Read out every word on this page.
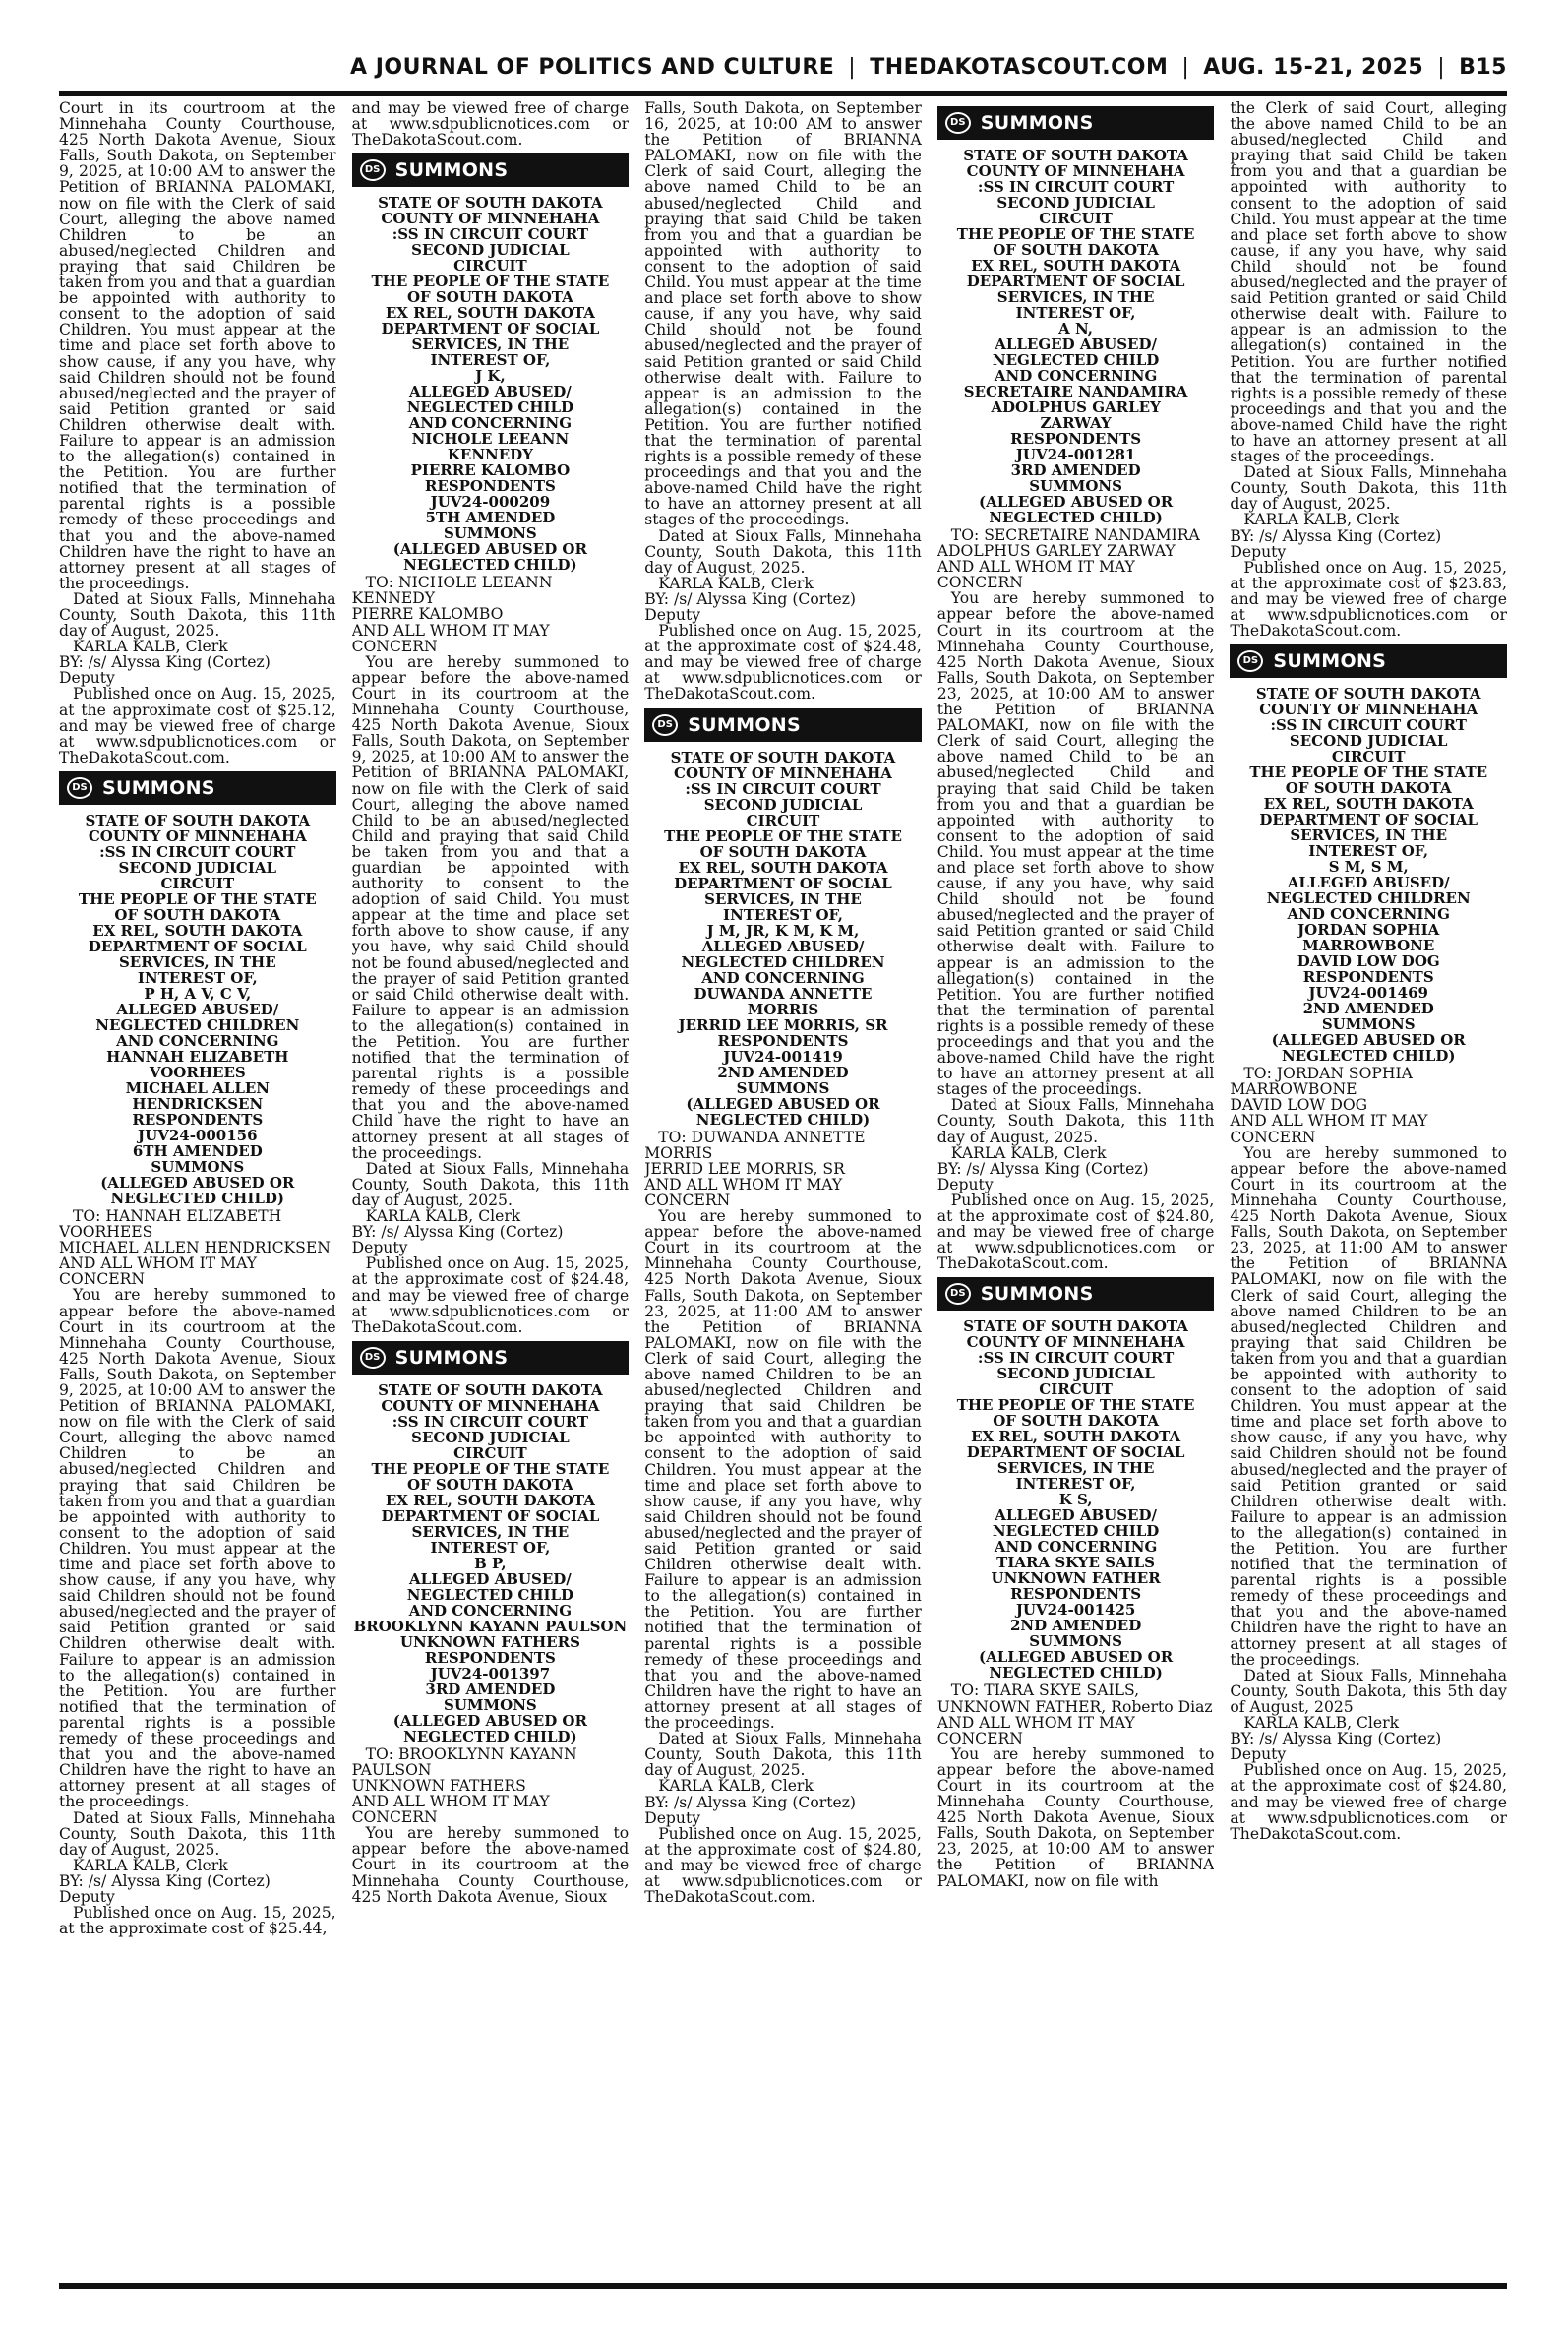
A JOURNAL OF POLITICS AND CULTURE | THEDAKOTASCOUT.COM | AUG. 15-21, 2025 | B15

Court in its courtroom at the Minnehaha County Courthouse, 425 North Dakota Avenue, Sioux Falls, South Dakota, on September 9, 2025, at 10:00 AM to answer the Petition of BRIANNA PALOMAKI, now on file with the Clerk of said Court, alleging the above named Children to be an abused/neglected Children and praying that said Children be taken from you and that a guardian be appointed with authority to consent to the adoption of said Children. You must appear at the time and place set forth above to show cause, if any you have, why said Children should not be found abused/neglected and the prayer of said Petition granted or said Children otherwise dealt with. Failure to appear is an admission to the allegation(s) contained in the Petition. You are further notified that the termination of parental rights is a possible remedy of these proceedings and that you and the above-named Children have the right to have an attorney present at all stages of the proceedings.

Dated at Sioux Falls, Minnehaha County, South Dakota, this 11th day of August, 2025.

KARLA KALB, Clerk
BY: /s/ Alyssa King (Cortez)
Deputy

Published once on Aug. 15, 2025, at the approximate cost of $25.12, and may be viewed free of charge at www.sdpublicnotices.com or TheDakotaScout.com.

DS SUMMONS
STATE OF SOUTH DAKOTA
COUNTY OF MINNEHAHA
:SS IN CIRCUIT COURT
SECOND JUDICIAL
CIRCUIT
THE PEOPLE OF THE STATE
OF SOUTH DAKOTA
EX REL, SOUTH DAKOTA
DEPARTMENT OF SOCIAL
SERVICES, IN THE
INTEREST OF,
P H, A V, C V,
ALLEGED ABUSED/
NEGLECTED CHILDREN
AND CONCERNING
HANNAH ELIZABETH VOORHEES
MICHAEL ALLEN
HENDRICKSEN
RESPONDENTS
JUV24-000156
6TH AMENDED
SUMMONS
(ALLEGED ABUSED OR
NEGLECTED CHILD)

TO: HANNAH ELIZABETH VOORHEES
MICHAEL ALLEN HENDRICKSEN
AND ALL WHOM IT MAY CONCERN

You are hereby summoned to appear before the above-named Court in its courtroom at the Minnehaha County Courthouse, 425 North Dakota Avenue, Sioux Falls, South Dakota, on September 9, 2025, at 10:00 AM to answer the Petition of BRIANNA PALOMAKI, now on file with the Clerk of said Court, alleging the above named Children to be an abused/neglected Children and praying that said Children be taken from you and that a guardian be appointed with authority to consent to the adoption of said Children. You must appear at the time and place set forth above to show cause, if any you have, why said Children should not be found abused/neglected and the prayer of said Petition granted or said Children otherwise dealt with. Failure to appear is an admission to the allegation(s) contained in the Petition. You are further notified that the termination of parental rights is a possible remedy of these proceedings and that you and the above-named Children have the right to have an attorney present at all stages of the proceedings.

Dated at Sioux Falls, Minnehaha County, South Dakota, this 11th day of August, 2025.

KARLA KALB, Clerk
BY: /s/ Alyssa King (Cortez)
Deputy

Published once on Aug. 15, 2025, at the approximate cost of $25.44,

and may be viewed free of charge at www.sdpublicnotices.com or TheDakotaScout.com.

DS SUMMONS
STATE OF SOUTH DAKOTA
COUNTY OF MINNEHAHA
:SS IN CIRCUIT COURT
SECOND JUDICIAL
CIRCUIT
THE PEOPLE OF THE STATE
OF SOUTH DAKOTA
EX REL, SOUTH DAKOTA
DEPARTMENT OF SOCIAL
SERVICES, IN THE
INTEREST OF,
J K,
ALLEGED ABUSED/
NEGLECTED CHILD
AND CONCERNING
NICHOLE LEEANN
KENNEDY
PIERRE KALOMBO
RESPONDENTS
JUV24-000209
5TH AMENDED
SUMMONS
(ALLEGED ABUSED OR
NEGLECTED CHILD)

TO: NICHOLE LEEANN KENNEDY
PIERRE KALOMBO
AND ALL WHOM IT MAY CONCERN

You are hereby summoned to appear before the above-named Court in its courtroom at the Minnehaha County Courthouse, 425 North Dakota Avenue, Sioux Falls, South Dakota, on September 9, 2025, at 10:00 AM to answer the Petition of BRIANNA PALOMAKI, now on file with the Clerk of said Court, alleging the above named Child to be an abused/neglected Child and praying that said Child be taken from you and that a guardian be appointed with authority to consent to the adoption of said Child. You must appear at the time and place set forth above to show cause, if any you have, why said Child should not be found abused/neglected and the prayer of said Petition granted or said Child otherwise dealt with. Failure to appear is an admission to the allegation(s) contained in the Petition. You are further notified that the termination of parental rights is a possible remedy of these proceedings and that you and the above-named Child have the right to have an attorney present at all stages of the proceedings.

Dated at Sioux Falls, Minnehaha County, South Dakota, this 11th day of August, 2025.

KARLA KALB, Clerk
BY: /s/ Alyssa King (Cortez)
Deputy

Published once on Aug. 15, 2025, at the approximate cost of $24.48, and may be viewed free of charge at www.sdpublicnotices.com or TheDakotaScout.com.

DS SUMMONS
STATE OF SOUTH DAKOTA
COUNTY OF MINNEHAHA
:SS IN CIRCUIT COURT
SECOND JUDICIAL
CIRCUIT
THE PEOPLE OF THE STATE
OF SOUTH DAKOTA
EX REL, SOUTH DAKOTA
DEPARTMENT OF SOCIAL
SERVICES, IN THE
INTEREST OF,
B P,
ALLEGED ABUSED/
NEGLECTED CHILD
AND CONCERNING
BROOKLYNN KAYANN PAULSON
UNKNOWN FATHERS
RESPONDENTS
JUV24-001397
3RD AMENDED
SUMMONS
(ALLEGED ABUSED OR
NEGLECTED CHILD)

TO: BROOKLYNN KAYANN PAULSON
UNKNOWN FATHERS
AND ALL WHOM IT MAY CONCERN

You are hereby summoned to appear before the above-named Court in its courtroom at the Minnehaha County Courthouse, 425 North Dakota Avenue, Sioux

Falls, South Dakota, on September 16, 2025, at 10:00 AM to answer the Petition of BRIANNA PALOMAKI, now on file with the Clerk of said Court, alleging the above named Child to be an abused/neglected Child and praying that said Child be taken from you and that a guardian be appointed with authority to consent to the adoption of said Child. You must appear at the time and place set forth above to show cause, if any you have, why said Child should not be found abused/neglected and the prayer of said Petition granted or said Child otherwise dealt with. Failure to appear is an admission to the allegation(s) contained in the Petition. You are further notified that the termination of parental rights is a possible remedy of these proceedings and that you and the above-named Child have the right to have an attorney present at all stages of the proceedings.

Dated at Sioux Falls, Minnehaha County, South Dakota, this 11th day of August, 2025.

KARLA KALB, Clerk
BY: /s/ Alyssa King (Cortez)
Deputy

Published once on Aug. 15, 2025, at the approximate cost of $24.48, and may be viewed free of charge at www.sdpublicnotices.com or TheDakotaScout.com.

DS SUMMONS
STATE OF SOUTH DAKOTA
COUNTY OF MINNEHAHA
:SS IN CIRCUIT COURT
SECOND JUDICIAL
CIRCUIT
THE PEOPLE OF THE STATE
OF SOUTH DAKOTA
EX REL, SOUTH DAKOTA
DEPARTMENT OF SOCIAL
SERVICES, IN THE
INTEREST OF,
J M, JR, K M, K M,
ALLEGED ABUSED/
NEGLECTED CHILDREN
AND CONCERNING
DUWANDA ANNETTE
MORRIS
JERRID LEE MORRIS, SR
RESPONDENTS
JUV24-001419
2ND AMENDED
SUMMONS
(ALLEGED ABUSED OR
NEGLECTED CHILD)

TO: DUWANDA ANNETTE MORRIS
JERRID LEE MORRIS, SR
AND ALL WHOM IT MAY CONCERN

You are hereby summoned to appear before the above-named Court in its courtroom at the Minnehaha County Courthouse, 425 North Dakota Avenue, Sioux Falls, South Dakota, on September 23, 2025, at 11:00 AM to answer the Petition of BRIANNA PALOMAKI, now on file with the Clerk of said Court, alleging the above named Children to be an abused/neglected Children and praying that said Children be taken from you and that a guardian be appointed with authority to consent to the adoption of said Children. You must appear at the time and place set forth above to show cause, if any you have, why said Children should not be found abused/neglected and the prayer of said Petition granted or said Children otherwise dealt with. Failure to appear is an admission to the allegation(s) contained in the Petition. You are further notified that the termination of parental rights is a possible remedy of these proceedings and that you and the above-named Children have the right to have an attorney present at all stages of the proceedings.

Dated at Sioux Falls, Minnehaha County, South Dakota, this 11th day of August, 2025.

KARLA KALB, Clerk
BY: /s/ Alyssa King (Cortez)
Deputy

Published once on Aug. 15, 2025, at the approximate cost of $24.80, and may be viewed free of charge at www.sdpublicnotices.com or TheDakotaScout.com.

DS SUMMONS
STATE OF SOUTH DAKOTA
COUNTY OF MINNEHAHA
:SS IN CIRCUIT COURT
SECOND JUDICIAL
CIRCUIT
THE PEOPLE OF THE STATE
OF SOUTH DAKOTA
EX REL, SOUTH DAKOTA
DEPARTMENT OF SOCIAL
SERVICES, IN THE
INTEREST OF,
A N,
ALLEGED ABUSED/
NEGLECTED CHILD
AND CONCERNING
SECRETAIRE NANDAMIRA
ADOLPHUS GARLEY
ZARWAY
RESPONDENTS
JUV24-001281
3RD AMENDED
SUMMONS
(ALLEGED ABUSED OR
NEGLECTED CHILD)

TO: SECRETAIRE NANDAMIRA
ADOLPHUS GARLEY ZARWAY
AND ALL WHOM IT MAY CONCERN

You are hereby summoned to appear before the above-named Court in its courtroom at the Minnehaha County Courthouse, 425 North Dakota Avenue, Sioux Falls, South Dakota, on September 23, 2025, at 10:00 AM to answer the Petition of BRIANNA PALOMAKI, now on file with the Clerk of said Court, alleging the above named Child to be an abused/neglected Child and praying that said Child be taken from you and that a guardian be appointed with authority to consent to the adoption of said Child. You must appear at the time and place set forth above to show cause, if any you have, why said Child should not be found abused/neglected and the prayer of said Petition granted or said Child otherwise dealt with. Failure to appear is an admission to the allegation(s) contained in the Petition. You are further notified that the termination of parental rights is a possible remedy of these proceedings and that you and the above-named Child have the right to have an attorney present at all stages of the proceedings.

Dated at Sioux Falls, Minnehaha County, South Dakota, this 11th day of August, 2025.

KARLA KALB, Clerk
BY: /s/ Alyssa King (Cortez)
Deputy

Published once on Aug. 15, 2025, at the approximate cost of $24.80, and may be viewed free of charge at www.sdpublicnotices.com or TheDakotaScout.com.

DS SUMMONS
STATE OF SOUTH DAKOTA
COUNTY OF MINNEHAHA
:SS IN CIRCUIT COURT
SECOND JUDICIAL
CIRCUIT
THE PEOPLE OF THE STATE
OF SOUTH DAKOTA
EX REL, SOUTH DAKOTA
DEPARTMENT OF SOCIAL
SERVICES, IN THE
INTEREST OF,
K S,
ALLEGED ABUSED/
NEGLECTED CHILD
AND CONCERNING
TIARA SKYE SAILS
UNKNOWN FATHER
RESPONDENTS
JUV24-001425
2ND AMENDED
SUMMONS
(ALLEGED ABUSED OR
NEGLECTED CHILD)

TO: TIARA SKYE SAILS, UNKNOWN FATHER, Roberto Diaz
AND ALL WHOM IT MAY CONCERN

You are hereby summoned to appear before the above-named Court in its courtroom at the Minnehaha County Courthouse, 425 North Dakota Avenue, Sioux Falls, South Dakota, on September 23, 2025, at 10:00 AM to answer the Petition of BRIANNA PALOMAKI, now on file with

the Clerk of said Court, alleging the above named Child to be an abused/neglected Child and praying that said Child be taken from you and that a guardian be appointed with authority to consent to the adoption of said Child. You must appear at the time and place set forth above to show cause, if any you have, why said Child should not be found abused/neglected and the prayer of said Petition granted or said Child otherwise dealt with. Failure to appear is an admission to the allegation(s) contained in the Petition. You are further notified that the termination of parental rights is a possible remedy of these proceedings and that you and the above-named Child have the right to have an attorney present at all stages of the proceedings.

Dated at Sioux Falls, Minnehaha County, South Dakota, this 11th day of August, 2025.

KARLA KALB, Clerk
BY: /s/ Alyssa King (Cortez)
Deputy

Published once on Aug. 15, 2025, at the approximate cost of $23.83, and may be viewed free of charge at www.sdpublicnotices.com or TheDakotaScout.com.

DS SUMMONS
STATE OF SOUTH DAKOTA
COUNTY OF MINNEHAHA
:SS IN CIRCUIT COURT
SECOND JUDICIAL
CIRCUIT
THE PEOPLE OF THE STATE
OF SOUTH DAKOTA
EX REL, SOUTH DAKOTA
DEPARTMENT OF SOCIAL
SERVICES, IN THE
INTEREST OF,
S M, S M,
ALLEGED ABUSED/
NEGLECTED CHILDREN
AND CONCERNING
JORDAN SOPHIA
MARROWBONE
DAVID LOW DOG
RESPONDENTS
JUV24-001469
2ND AMENDED
SUMMONS
(ALLEGED ABUSED OR
NEGLECTED CHILD)

TO: JORDAN SOPHIA MARROWBONE
DAVID LOW DOG
AND ALL WHOM IT MAY CONCERN

You are hereby summoned to appear before the above-named Court in its courtroom at the Minnehaha County Courthouse, 425 North Dakota Avenue, Sioux Falls, South Dakota, on September 23, 2025, at 11:00 AM to answer the Petition of BRIANNA PALOMAKI, now on file with the Clerk of said Court, alleging the above named Children to be an abused/neglected Children and praying that said Children be taken from you and that a guardian be appointed with authority to consent to the adoption of said Children. You must appear at the time and place set forth above to show cause, if any you have, why said Children should not be found abused/neglected and the prayer of said Petition granted or said Children otherwise dealt with. Failure to appear is an admission to the allegation(s) contained in the Petition. You are further notified that the termination of parental rights is a possible remedy of these proceedings and that you and the above-named Children have the right to have an attorney present at all stages of the proceedings.

Dated at Sioux Falls, Minnehaha County, South Dakota, this 5th day of August, 2025

KARLA KALB, Clerk
BY: /s/ Alyssa King (Cortez)
Deputy

Published once on Aug. 15, 2025, at the approximate cost of $24.80, and may be viewed free of charge at www.sdpublicnotices.com or TheDakotaScout.com.
